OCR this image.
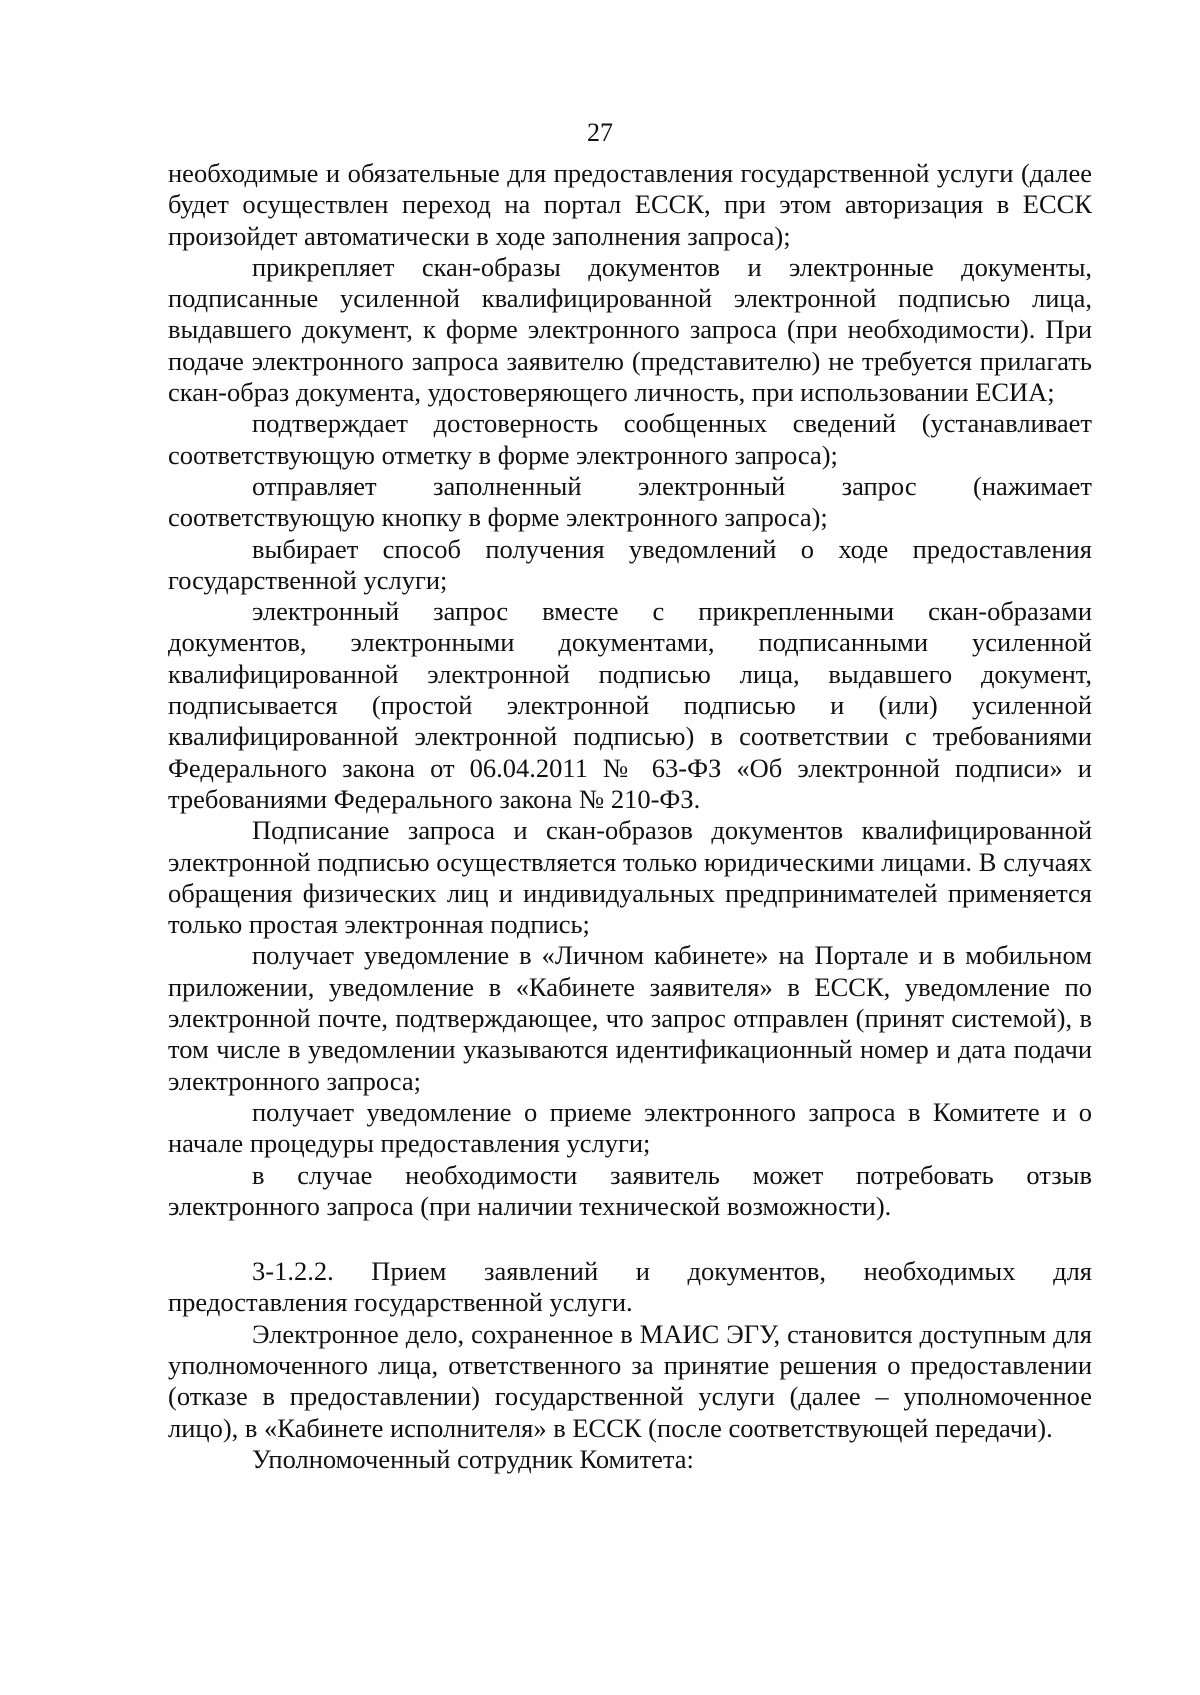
27

необходимые и обязательные для предоставления государственной услуги (далее будет осуществлен переход на портал ЕССК, при этом авторизация в ЕССК произойдет автоматически в ходе заполнения запроса);

прикрепляет скан-образы документов и электронные документы, подписанные усиленной квалифицированной электронной подписью лица, выдавшего документ, к форме электронного запроса (при необходимости). При подаче электронного запроса заявителю (представителю) не требуется прилагать скан-образ документа, удостоверяющего личность, при использовании ЕСИА;

подтверждает достоверность сообщенных сведений (устанавливает соответствующую отметку в форме электронного запроса);

отправляет заполненный электронный запрос (нажимает соответствующую кнопку в форме электронного запроса);

выбирает способ получения уведомлений о ходе предоставления государственной услуги;

электронный запрос вместе с прикрепленными скан-образами документов, электронными документами, подписанными усиленной квалифицированной электронной подписью лица, выдавшего документ, подписывается (простой электронной подписью и (или) усиленной квалифицированной электронной подписью) в соответствии с требованиями Федерального закона от 06.04.2011 № 63-ФЗ «Об электронной подписи» и требованиями Федерального закона № 210-ФЗ.

Подписание запроса и скан-образов документов квалифицированной электронной подписью осуществляется только юридическими лицами. В случаях обращения физических лиц и индивидуальных предпринимателей применяется только простая электронная подпись;

получает уведомление в «Личном кабинете» на Портале и в мобильном приложении, уведомление в «Кабинете заявителя» в ЕССК, уведомление по электронной почте, подтверждающее, что запрос отправлен (принят системой), в том числе в уведомлении указываются идентификационный номер и дата подачи электронного запроса;

получает уведомление о приеме электронного запроса в Комитете и о начале процедуры предоставления услуги;

в случае необходимости заявитель может потребовать отзыв электронного запроса (при наличии технической возможности).

3-1.2.2. Прием заявлений и документов, необходимых для предоставления государственной услуги.

Электронное дело, сохраненное в МАИС ЭГУ, становится доступным для уполномоченного лица, ответственного за принятие решения о предоставлении (отказе в предоставлении) государственной услуги (далее – уполномоченное лицо), в «Кабинете исполнителя» в ЕССК (после соответствующей передачи).

Уполномоченный сотрудник Комитета:
